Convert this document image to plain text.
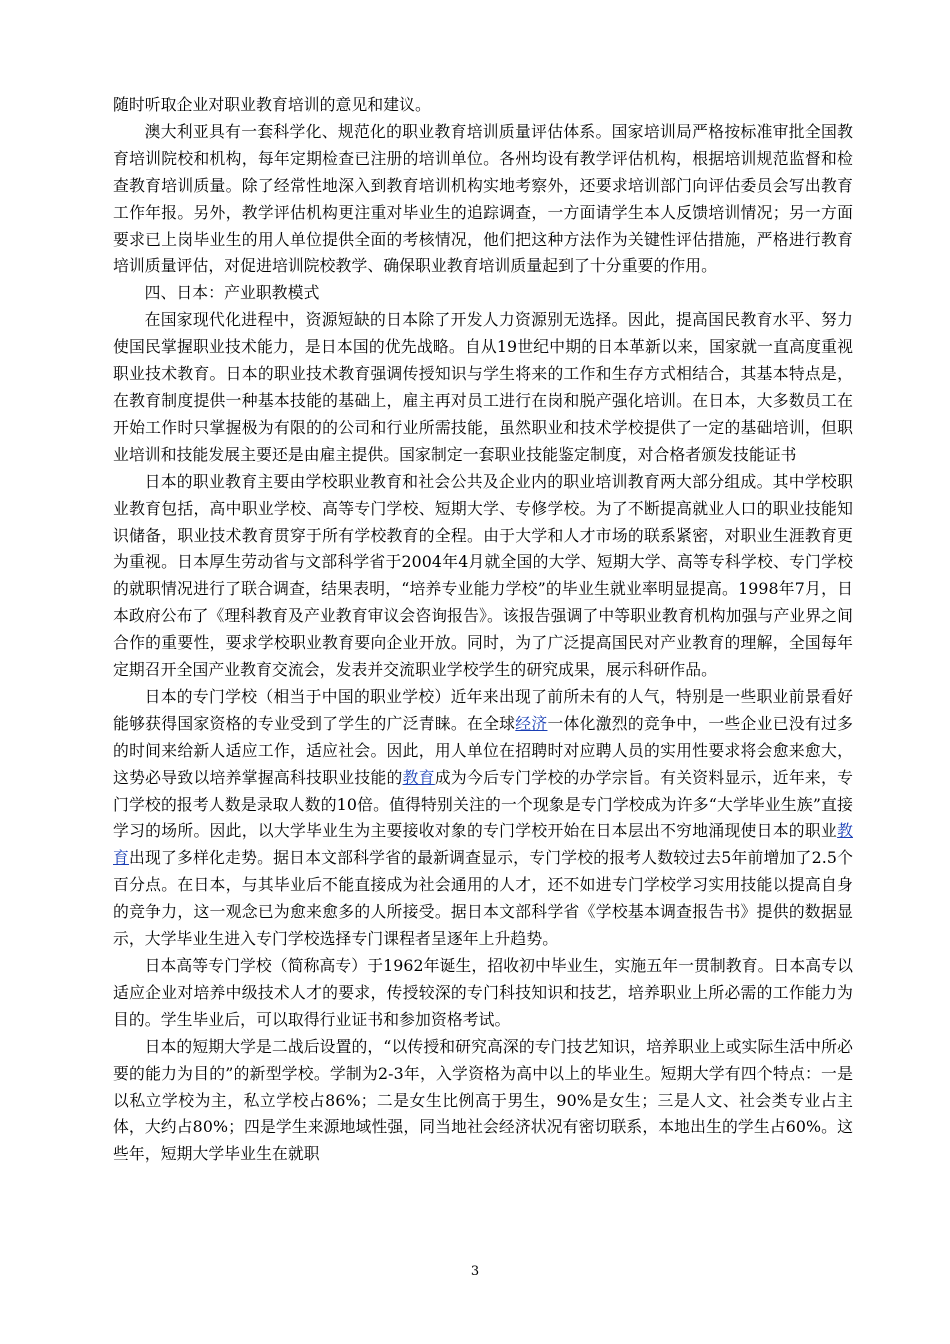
随时听取企业对职业教育培训的意见和建议。

澳大利亚具有一套科学化、规范化的职业教育培训质量评估体系。国家培训局严格按标准审批全国教育培训院校和机构，每年定期检查已注册的培训单位。各州均设有教学评估机构，根据培训规范监督和检查教育培训质量。除了经常性地深入到教育培训机构实地考察外，还要求培训部门向评估委员会写出教育工作年报。另外，教学评估机构更注重对毕业生的追踪调查，一方面请学生本人反馈培训情况；另一方面要求已上岗毕业生的用人单位提供全面的考核情况，他们把这种方法作为关键性评估措施，严格进行教育培训质量评估，对促进培训院校教学、确保职业教育培训质量起到了十分重要的作用。

四、日本：产业职教模式

在国家现代化进程中，资源短缺的日本除了开发人力资源别无选择。因此，提高国民教育水平、努力使国民掌握职业技术能力，是日本国的优先战略。自从19世纪中期的日本革新以来，国家就一直高度重视职业技术教育。日本的职业技术教育强调传授知识与学生将来的工作和生存方式相结合，其基本特点是，在教育制度提供一种基本技能的基础上，雇主再对员工进行在岗和脱产强化培训。在日本，大多数员工在开始工作时只掌握极为有限的的公司和行业所需技能，虽然职业和技术学校提供了一定的基础培训，但职业培训和技能发展主要还是由雇主提供。国家制定一套职业技能鉴定制度，对合格者颁发技能证书

日本的职业教育主要由学校职业教育和社会公共及企业内的职业培训教育两大部分组成。其中学校职业教育包括，高中职业学校、高等专门学校、短期大学、专修学校。为了不断提高就业人口的职业技能知识储备，职业技术教育贯穿于所有学校教育的全程。由于大学和人才市场的联系紧密，对职业生涯教育更为重视。日本厚生劳动省与文部科学省于2004年4月就全国的大学、短期大学、高等专科学校、专门学校的就职情况进行了联合调查，结果表明，“培养专业能力学校”的毕业生就业率明显提高。1998年7月，日本政府公布了《理科教育及产业教育审议会咨询报告》。该报告强调了中等职业教育机构加强与产业界之间合作的重要性，要求学校职业教育要向企业开放。同时，为了广泛提高国民对产业教育的理解，全国每年定期召开全国产业教育交流会，发表并交流职业学校学生的研究成果，展示科研作品。

日本的专门学校（相当于中国的职业学校）近年来出现了前所未有的人气，特别是一些职业前景看好能够获得国家资格的专业受到了学生的广泛青睐。在全球经济一体化激烈的竞争中，一些企业已没有过多的时间来给新人适应工作，适应社会。因此，用人单位在招聘时对应聘人员的实用性要求将会愈来愈大，这势必导致以培养掌握高科技职业技能的教育成为今后专门学校的办学宗旨。有关资料显示，近年来，专门学校的报考人数是录取人数的10倍。值得特别关注的一个现象是专门学校成为许多“大学毕业生族”直接学习的场所。因此，以大学毕业生为主要接收对象的专门学校开始在日本层出不穷地涌现使日本的职业教育出现了多样化走势。据日本文部科学省的最新调查显示，专门学校的报考人数较过去5年前增加了2.5个百分点。在日本，与其毕业后不能直接成为社会通用的人才，还不如进专门学校学习实用技能以提高自身的竞争力，这一观念已为愈来愈多的人所接受。据日本文部科学省《学校基本调查报告书》提供的数据显示，大学毕业生进入专门学校选择专门课程者呈逐年上升趋势。

日本高等专门学校（简称高专）于1962年诞生，招收初中毕业生，实施五年一贯制教育。日本高专以适应企业对培养中级技术人才的要求，传授较深的专门科技知识和技艺，培养职业上所必需的工作能力为目的。学生毕业后，可以取得行业证书和参加资格考试。

日本的短期大学是二战后设置的，“以传授和研究高深的专门技艺知识，培养职业上或实际生活中所必要的能力为目的”的新型学校。学制为2-3年，入学资格为高中以上的毕业生。短期大学有四个特点：一是以私立学校为主，私立学校占86%；二是女生比例高于男生，90%是女生；三是人文、社会类专业占主体，大约占80%；四是学生来源地域性强，同当地社会经济状况有密切联系，本地出生的学生占60%。这些年，短期大学毕业生在就职

3
